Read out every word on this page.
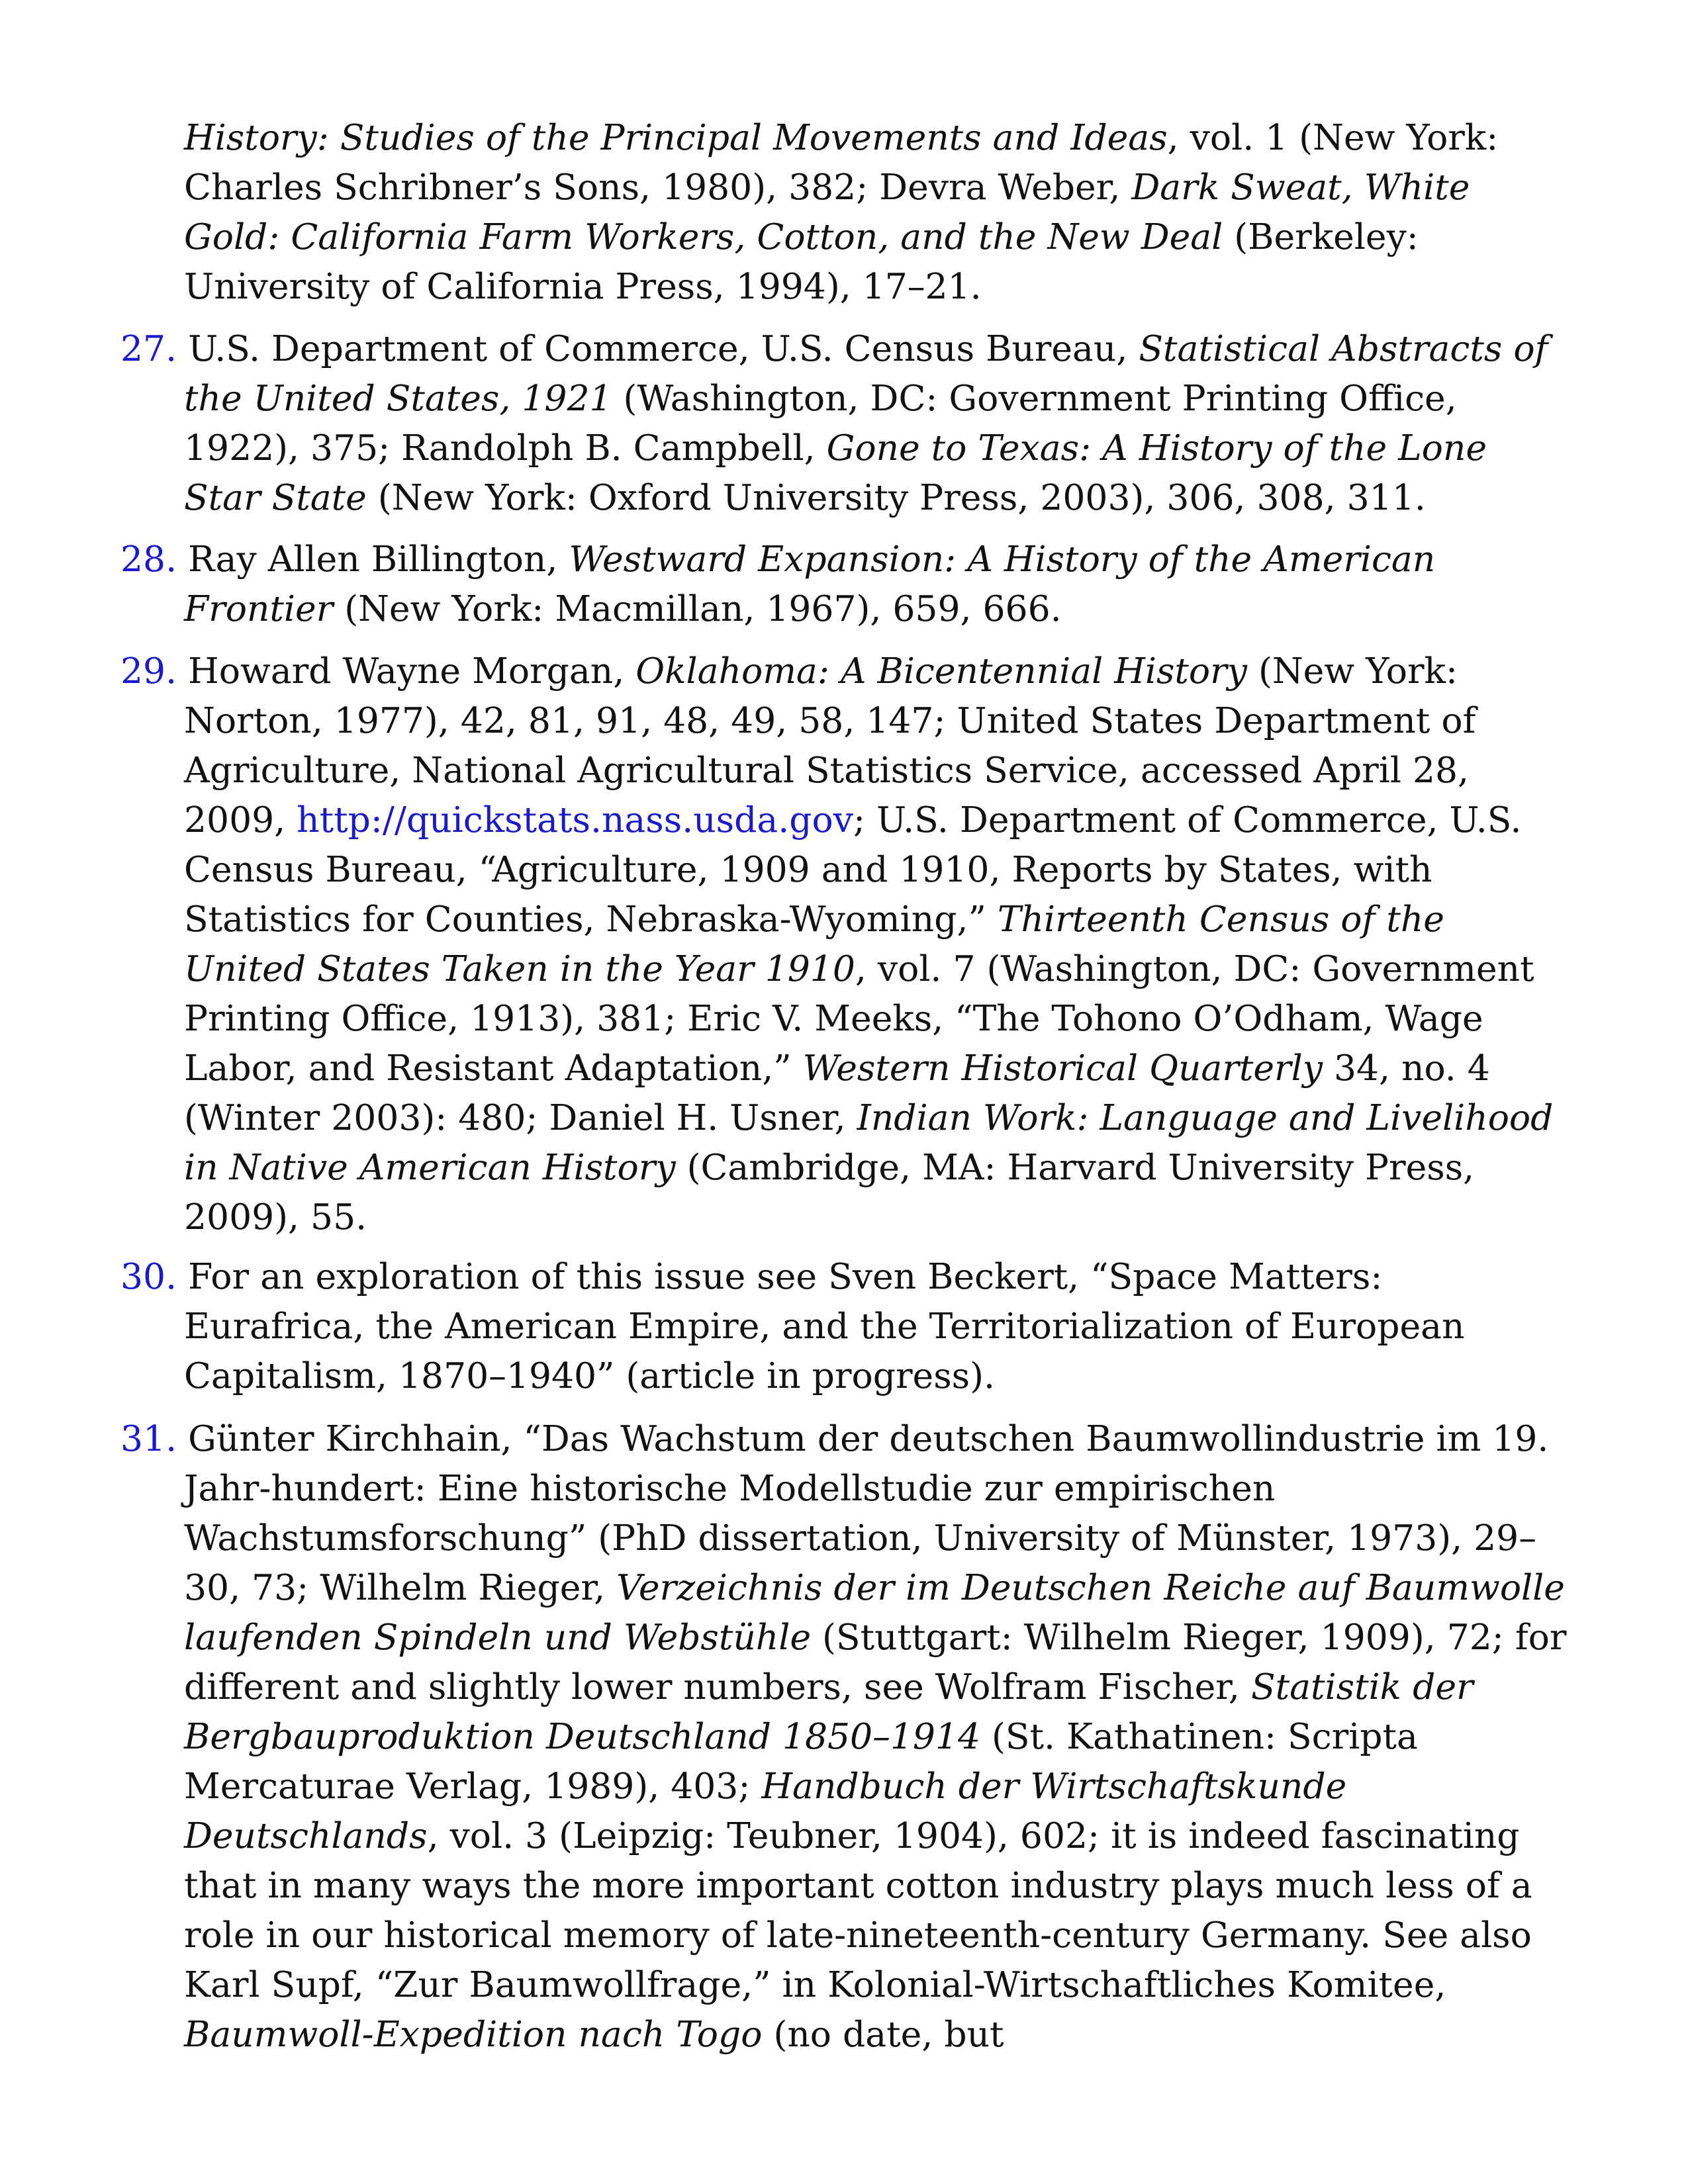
History: Studies of the Principal Movements and Ideas, vol. 1 (New York: Charles Schribner’s Sons, 1980), 382; Devra Weber, Dark Sweat, White Gold: California Farm Workers, Cotton, and the New Deal (Berkeley: University of California Press, 1994), 17–21.

27. U.S. Department of Commerce, U.S. Census Bureau, Statistical Abstracts of the United States, 1921 (Washington, DC: Government Printing Office, 1922), 375; Randolph B. Campbell, Gone to Texas: A History of the Lone Star State (New York: Oxford University Press, 2003), 306, 308, 311.

28. Ray Allen Billington, Westward Expansion: A History of the American Frontier (New York: Macmillan, 1967), 659, 666.

29. Howard Wayne Morgan, Oklahoma: A Bicentennial History (New York: Norton, 1977), 42, 81, 91, 48, 49, 58, 147; United States Department of Agriculture, National Agricultural Statistics Service, accessed April 28, 2009, http://quickstats.nass.usda.gov; U.S. Department of Commerce, U.S. Census Bureau, “Agriculture, 1909 and 1910, Reports by States, with Statistics for Counties, Nebraska-Wyoming,” Thirteenth Census of the United States Taken in the Year 1910, vol. 7 (Washington, DC: Government Printing Office, 1913), 381; Eric V. Meeks, “The Tohono O’Odham, Wage Labor, and Resistant Adaptation,” Western Historical Quarterly 34, no. 4 (Winter 2003): 480; Daniel H. Usner, Indian Work: Language and Livelihood in Native American History (Cambridge, MA: Harvard University Press, 2009), 55.

30. For an exploration of this issue see Sven Beckert, “Space Matters: Eurafrica, the American Empire, and the Territorialization of European Capitalism, 1870–1940” (article in progress).

31. Günter Kirchhain, “Das Wachstum der deutschen Baumwollindustrie im 19. Jahr-hundert: Eine historische Modellstudie zur empirischen Wachstumsforschung” (PhD dissertation, University of Münster, 1973), 29–30, 73; Wilhelm Rieger, Verzeichnis der im Deutschen Reiche auf Baumwolle laufenden Spindeln und Webstühle (Stuttgart: Wilhelm Rieger, 1909), 72; for different and slightly lower numbers, see Wolfram Fischer, Statistik der Bergbauproduktion Deutschland 1850–1914 (St. Kathatinen: Scripta Mercaturae Verlag, 1989), 403; Handbuch der Wirtschaftskunde Deutschlands, vol. 3 (Leipzig: Teubner, 1904), 602; it is indeed fascinating that in many ways the more important cotton industry plays much less of a role in our historical memory of late-nineteenth-century Germany. See also Karl Supf, “Zur Baumwollfrage,” in Kolonial-Wirtschaftliches Komitee, Baumwoll-Expedition nach Togo (no date, but
